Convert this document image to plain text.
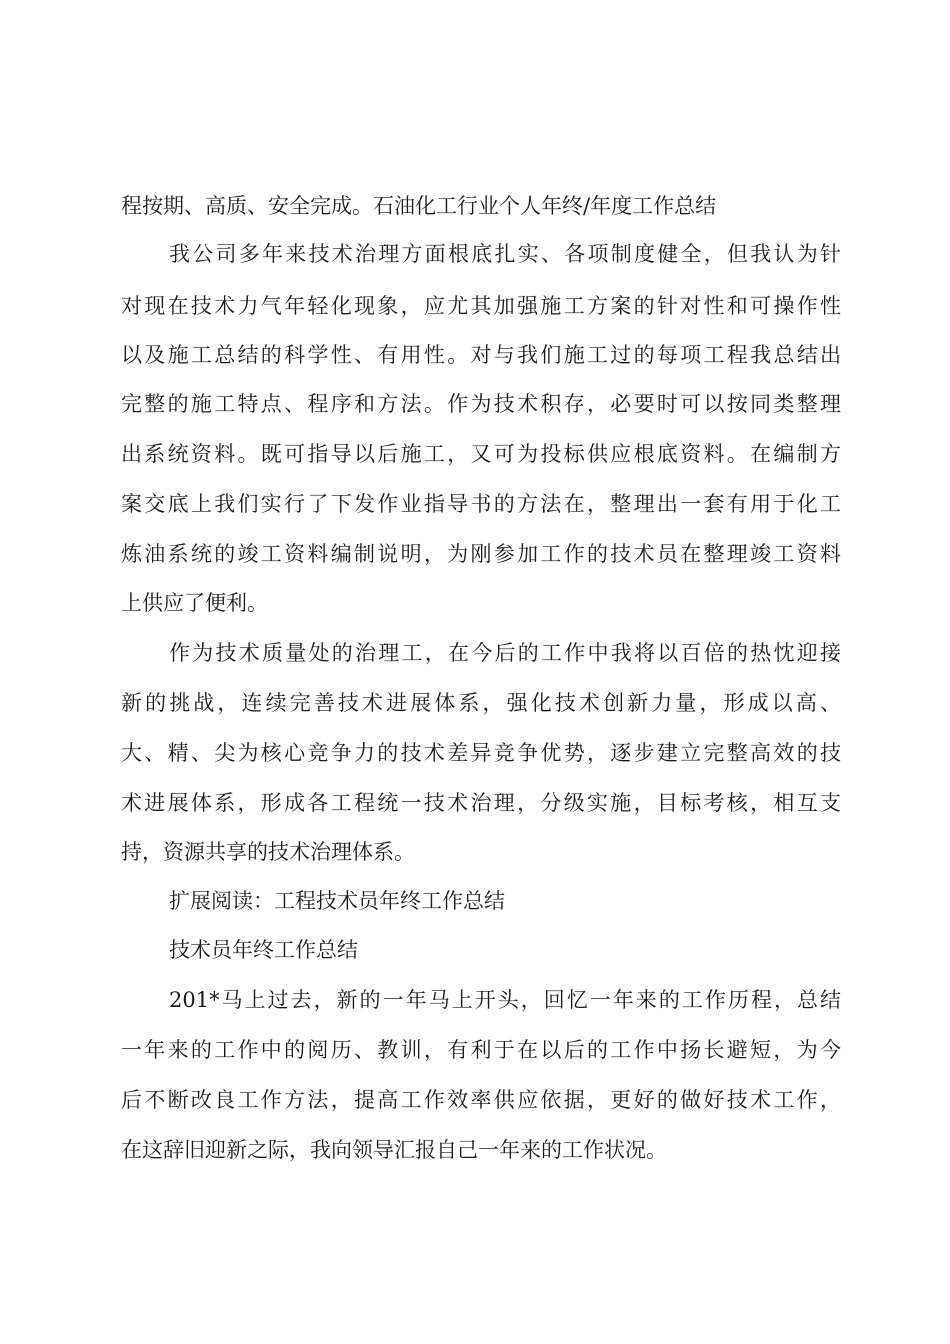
程按期、高质、安全完成。石油化工行业个人年终/年度工作总结
我公司多年来技术治理方面根底扎实、各项制度健全，但我认为针
对现在技术力气年轻化现象，应尤其加强施工方案的针对性和可操作性
以及施工总结的科学性、有用性。对与我们施工过的每项工程我总结出
完整的施工特点、程序和方法。作为技术积存，必要时可以按同类整理
出系统资料。既可指导以后施工，又可为投标供应根底资料。在编制方
案交底上我们实行了下发作业指导书的方法在，整理出一套有用于化工
炼油系统的竣工资料编制说明，为刚参加工作的技术员在整理竣工资料
上供应了便利。
作为技术质量处的治理工，在今后的工作中我将以百倍的热忱迎接
新的挑战，连续完善技术进展体系，强化技术创新力量，形成以高、
大、精、尖为核心竞争力的技术差异竞争优势，逐步建立完整高效的技
术进展体系，形成各工程统一技术治理，分级实施，目标考核，相互支
持，资源共享的技术治理体系。
扩展阅读：工程技术员年终工作总结
技术员年终工作总结
201*马上过去，新的一年马上开头，回忆一年来的工作历程，总结
一年来的工作中的阅历、教训，有利于在以后的工作中扬长避短，为今
后不断改良工作方法，提高工作效率供应依据，更好的做好技术工作，
在这辞旧迎新之际，我向领导汇报自己一年来的工作状况。
